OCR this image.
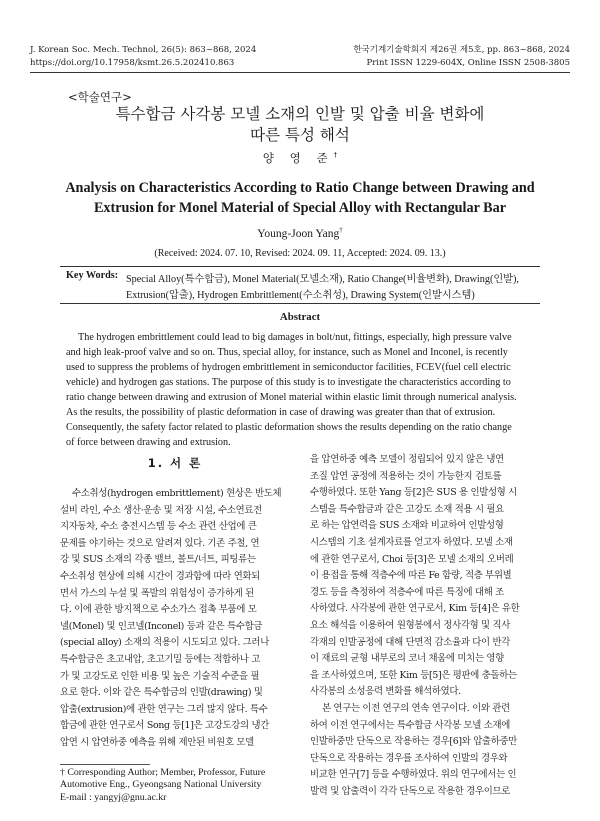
J. Korean Soc. Mech. Technol, 26(5): 863~868, 2024
https://doi.org/10.17958/ksmt.26.5.202410.863
한국기계기술학회지 제26권 제5호, pp. 863~868, 2024
Print ISSN 1229-604X, Online ISSN 2508-3805
<학술연구>
특수합금 사각봉 모넬 소재의 인발 및 압출 비율 변화에
따른 특성 해석
양 영 준†
Analysis on Characteristics According to Ratio Change between Drawing and
Extrusion for Monel Material of Special Alloy with Rectangular Bar
Young-Joon Yang†
(Received: 2024. 07. 10, Revised: 2024. 09. 11, Accepted: 2024. 09. 13.)
Key Words: Special Alloy(특수합금), Monel Material(모넬소재), Ratio Change(비율변화), Drawing(인발),
Extrusion(압출), Hydrogen Embrittlement(수소취성), Drawing System(인발시스템)
Abstract
The hydrogen embrittlement could lead to big damages in bolt/nut, fittings, especially, high pressure valve
and high leak-proof valve and so on. Thus, special alloy, for instance, such as Monel and Inconel, is recently
used to suppress the problems of hydrogen embrittlement in semiconductor facilities, FCEV(fuel cell electric
vehicle) and hydrogen gas stations. The purpose of this study is to investigate the characteristics according to
ratio change between drawing and extrusion of Monel material within elastic limit through numerical analysis.
As the results, the possibility of plastic deformation in case of drawing was greater than that of extrusion.
Consequently, the safety factor related to plastic deformation shows the results depending on the ratio change
of force between drawing and extrusion.
1. 서 론
수소취성(hydrogen embrittlement) 현상은 반도체
설비 라인, 수소 생산·운송 및 저장 시설, 수소연료전
지자동차, 수소 충전시스템 등 수소 관련 산업에 큰
문제를 야기하는 것으로 알려져 있다. 기존 주철, 연
강 및 SUS 소재의 각종 밸브, 볼트/너트, 피팅류는
수소취성 현상에 의해 시간이 경과함에 따라 연화되
면서 가스의 누설 및 폭발의 위험성이 증가하게 된
다. 이에 관한 방지책으로 수소가스 접촉 부품에 모
넬(Monel) 및 인코넬(Inconel) 등과 같은 특수합금
(special alloy) 소재의 적용이 시도되고 있다. 그러나
특수합금은 초고내압, 초고기밀 등에는 적합하나 고
가 및 고강도로 인한 비용 및 높은 기술적 수준을 필
요로 한다. 이와 같은 특수합금의 인발(drawing) 및
압출(extrusion)에 관한 연구는 그리 많지 않다. 특수
합금에 관한 연구로서 Song 등[1]은 고강도강의 냉간
압연 시 압연하중 예측을 위해 제안된 비원호 모델
† Corresponding Author; Member, Professor, Future
Automotive Eng., Gyeongsang National University
E-mail : yangyj@gnu.ac.kr
을 압연하중 예측 모델이 정립되어 있지 않은 냉연
조질 압연 공정에 적용하는 것이 가능한지 검토를
수행하였다. 또한 Yang 등[2]은 SUS 용 인발성형 시
스템을 특수합금과 같은 고강도 소재 적용 시 필요
로 하는 압연력을 SUS 소재와 비교하여 인발성형
시스템의 기초 설계자료를 얻고자 하였다. 모넬 소재
에 관한 연구로서, Choi 등[3]은 모넬 소재의 오버레
이 용접을 통해 적층수에 따른 Fe 함량, 적층 부위별
경도 등을 측정하여 적층수에 따른 특징에 대해 조
사하였다. 사각봉에 관한 연구로서, Kim 등[4]은 유한
요소 해석을 이용하여 원형봉에서 정사각형 및 직사
각재의 인발공정에 대해 단면적 감소율과 다이 반각
이 재료의 균형 내부로의 코너 채움에 미치는 영향
을 조사하였으며, 또한 Kim 등[5]은 평판에 충돌하는
사각봉의 소성응력 변화를 해석하였다.
본 연구는 이전 연구의 연속 연구이다. 이와 관련
하여 이전 연구에서는 특수합금 사각봉 모넬 소재에
인발하중만 단독으로 작용하는 경우[6]와 압출하중만
단독으로 작용하는 경우를 조사하여 인발의 경우와
비교한 연구[7] 등을 수행하였다. 위의 연구에서는 인
발력 및 압출력이 각각 단독으로 작용한 경우이므로
